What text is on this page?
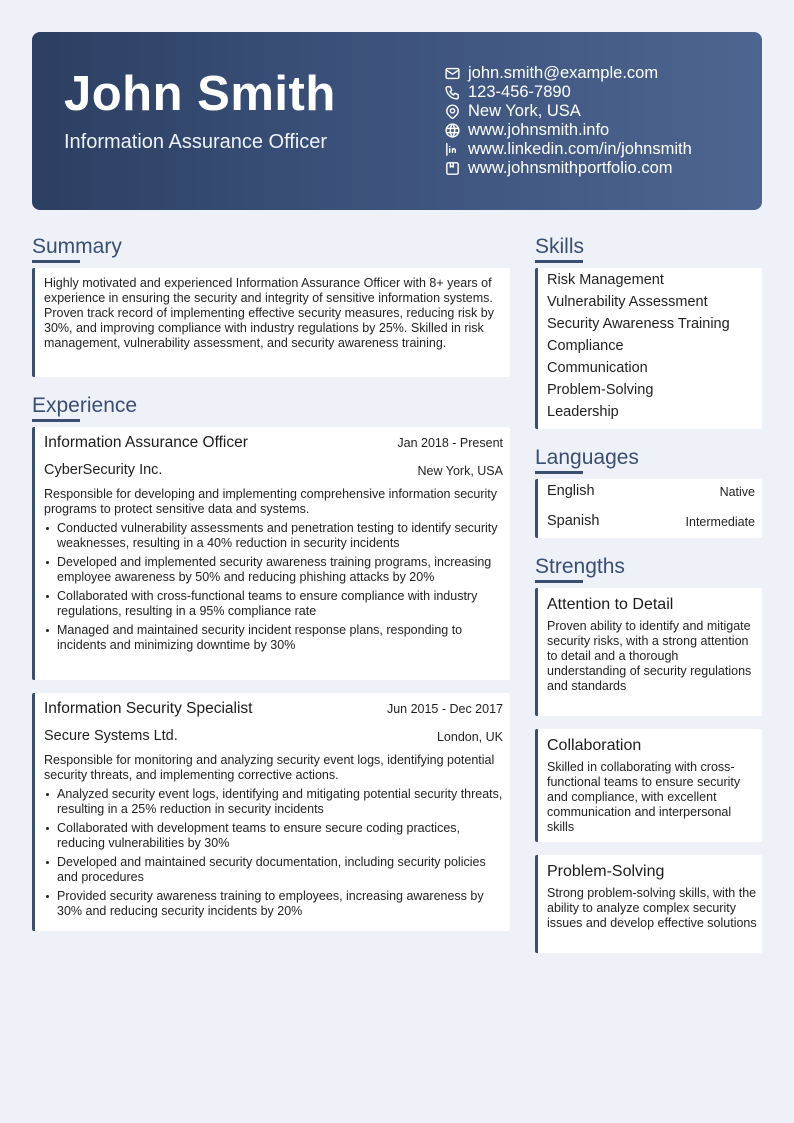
John Smith
Information Assurance Officer
john.smith@example.com
123-456-7890
New York, USA
www.johnsmith.info
www.linkedin.com/in/johnsmith
www.johnsmithportfolio.com
Summary
Highly motivated and experienced Information Assurance Officer with 8+ years of experience in ensuring the security and integrity of sensitive information systems. Proven track record of implementing effective security measures, reducing risk by 30%, and improving compliance with industry regulations by 25%. Skilled in risk management, vulnerability assessment, and security awareness training.
Experience
Information Assurance Officer	Jan 2018 - Present
CyberSecurity Inc.	New York, USA
Responsible for developing and implementing comprehensive information security programs to protect sensitive data and systems.
Conducted vulnerability assessments and penetration testing to identify security weaknesses, resulting in a 40% reduction in security incidents
Developed and implemented security awareness training programs, increasing employee awareness by 50% and reducing phishing attacks by 20%
Collaborated with cross-functional teams to ensure compliance with industry regulations, resulting in a 95% compliance rate
Managed and maintained security incident response plans, responding to incidents and minimizing downtime by 30%
Information Security Specialist	Jun 2015 - Dec 2017
Secure Systems Ltd.	London, UK
Responsible for monitoring and analyzing security event logs, identifying potential security threats, and implementing corrective actions.
Analyzed security event logs, identifying and mitigating potential security threats, resulting in a 25% reduction in security incidents
Collaborated with development teams to ensure secure coding practices, reducing vulnerabilities by 30%
Developed and maintained security documentation, including security policies and procedures
Provided security awareness training to employees, increasing awareness by 30% and reducing security incidents by 20%
Skills
Risk Management
Vulnerability Assessment
Security Awareness Training
Compliance
Communication
Problem-Solving
Leadership
Languages
English	Native
Spanish	Intermediate
Strengths
Attention to Detail
Proven ability to identify and mitigate security risks, with a strong attention to detail and a thorough understanding of security regulations and standards
Collaboration
Skilled in collaborating with cross-functional teams to ensure security and compliance, with excellent communication and interpersonal skills
Problem-Solving
Strong problem-solving skills, with the ability to analyze complex security issues and develop effective solutions
